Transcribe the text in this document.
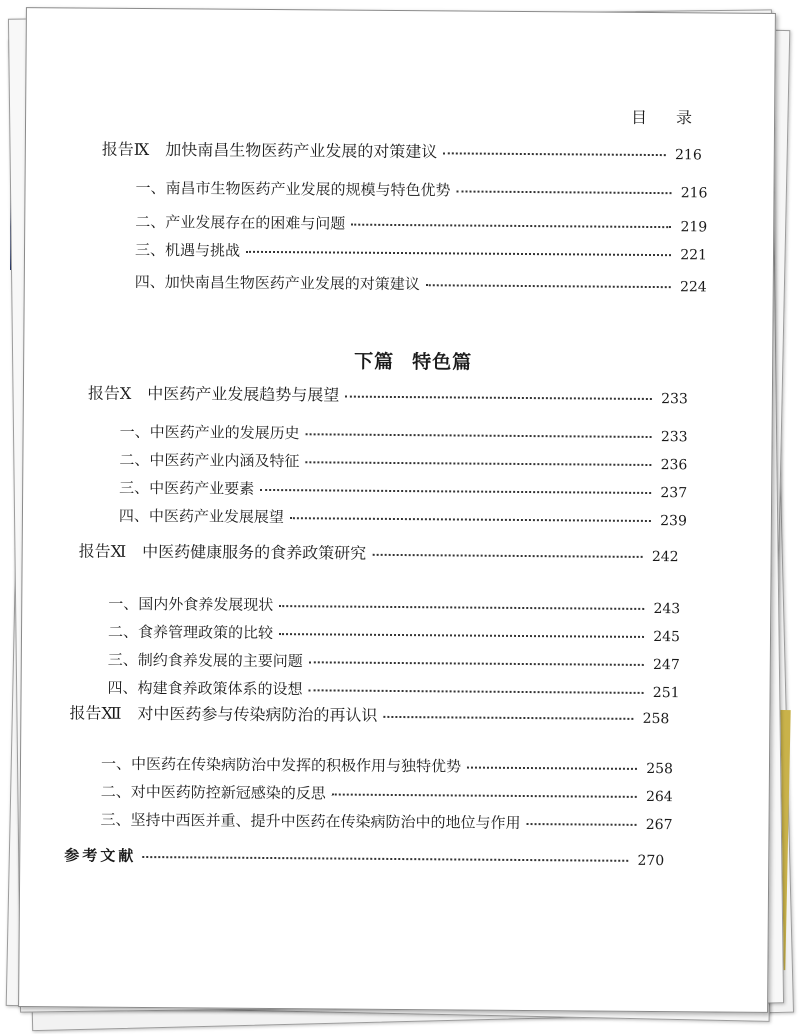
目 录
报告Ⅸ　加快南昌生物医药产业发展的对策建议	216
一、南昌市生物医药产业发展的规模与特色优势	216
二、产业发展存在的困难与问题	219
三、机遇与挑战	221
四、加快南昌生物医药产业发展的对策建议	224
下篇 特色篇
报告Ⅹ　中医药产业发展趋势与展望	233
一、中医药产业的发展历史	233
二、中医药产业内涵及特征	236
三、中医药产业要素	237
四、中医药产业发展展望	239
报告Ⅺ　中医药健康服务的食养政策研究	242
一、国内外食养发展现状	243
二、食养管理政策的比较	245
三、制约食养发展的主要问题	247
四、构建食养政策体系的设想	251
报告Ⅻ　对中医药参与传染病防治的再认识	258
一、中医药在传染病防治中发挥的积极作用与独特优势	258
二、对中医药防控新冠感染的反思	264
三、坚持中西医并重、提升中医药在传染病防治中的地位与作用	267
参考文献	270
